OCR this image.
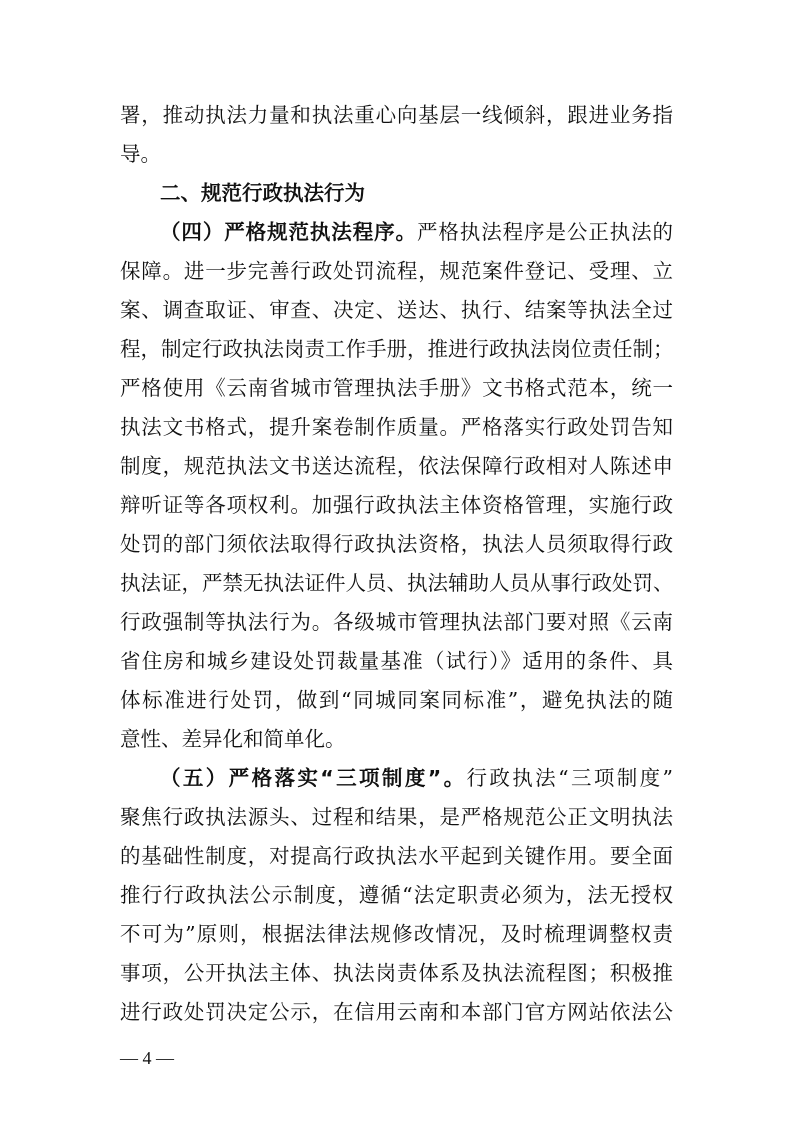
署，推动执法力量和执法重心向基层一线倾斜，跟进业务指

导。

二、规范行政执法行为

（四）严格规范执法程序。严格执法程序是公正执法的

保障。进一步完善行政处罚流程，规范案件登记、受理、立

案、调查取证、审查、决定、送达、执行、结案等执法全过

程，制定行政执法岗责工作手册，推进行政执法岗位责任制；

严格使用《云南省城市管理执法手册》文书格式范本，统一

执法文书格式，提升案卷制作质量。严格落实行政处罚告知

制度，规范执法文书送达流程，依法保障行政相对人陈述申

辩听证等各项权利。加强行政执法主体资格管理，实施行政

处罚的部门须依法取得行政执法资格，执法人员须取得行政

执法证，严禁无执法证件人员、执法辅助人员从事行政处罚、

行政强制等执法行为。各级城市管理执法部门要对照《云南

省住房和城乡建设处罚裁量基准（试行）》适用的条件、具

体标准进行处罚，做到“同城同案同标准”，避免执法的随

意性、差异化和简单化。

（五）严格落实“三项制度”。行政执法“三项制度”

聚焦行政执法源头、过程和结果，是严格规范公正文明执法

的基础性制度，对提高行政执法水平起到关键作用。要全面

推行行政执法公示制度，遵循“法定职责必须为，法无授权

不可为”原则，根据法律法规修改情况，及时梳理调整权责

事项，公开执法主体、执法岗责体系及执法流程图；积极推

进行政处罚决定公示，在信用云南和本部门官方网站依法公

— 4 —
